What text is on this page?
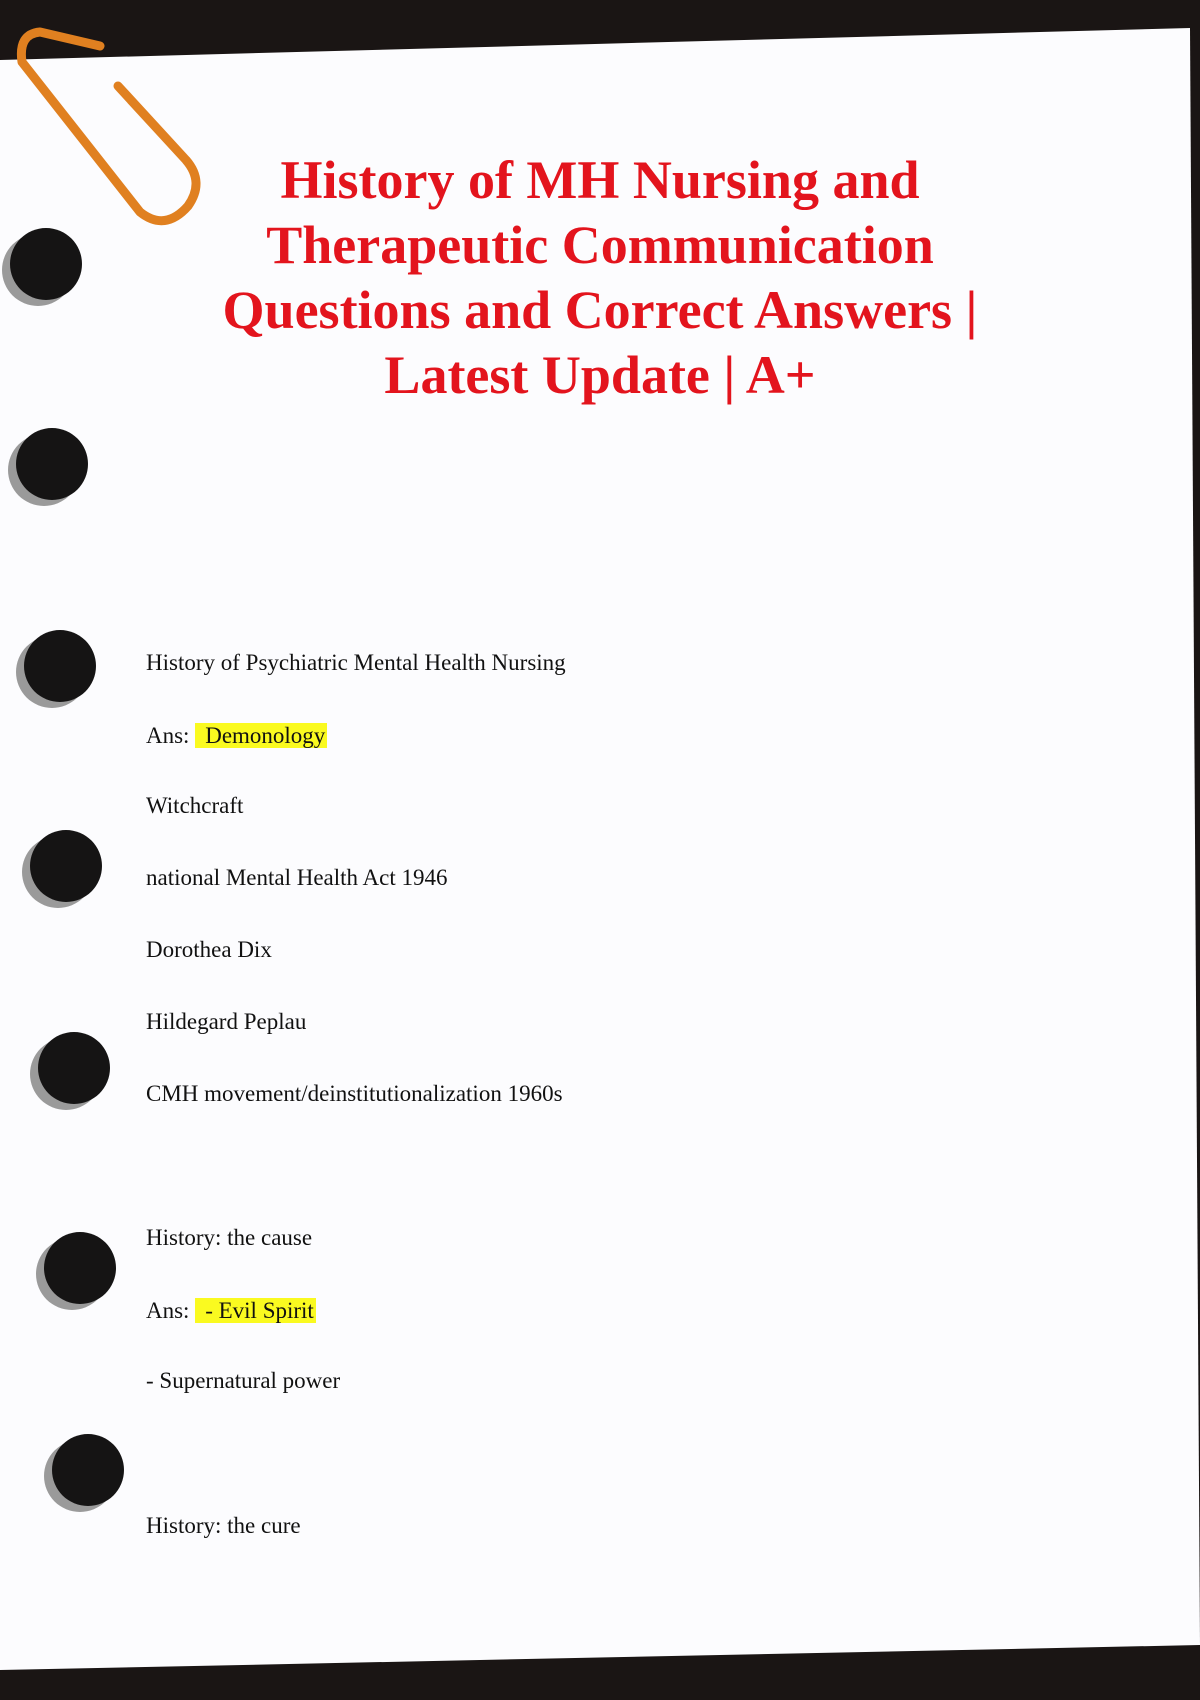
History of MH Nursing and
Therapeutic Communication
Questions and Correct Answers |
Latest Update | A+
History of Psychiatric Mental Health Nursing
Ans: Demonology
Witchcraft
national Mental Health Act 1946
Dorothea Dix
Hildegard Peplau
CMH movement/deinstitutionalization 1960s
History: the cause
Ans: - Evil Spirit
- Supernatural power
History: the cure
